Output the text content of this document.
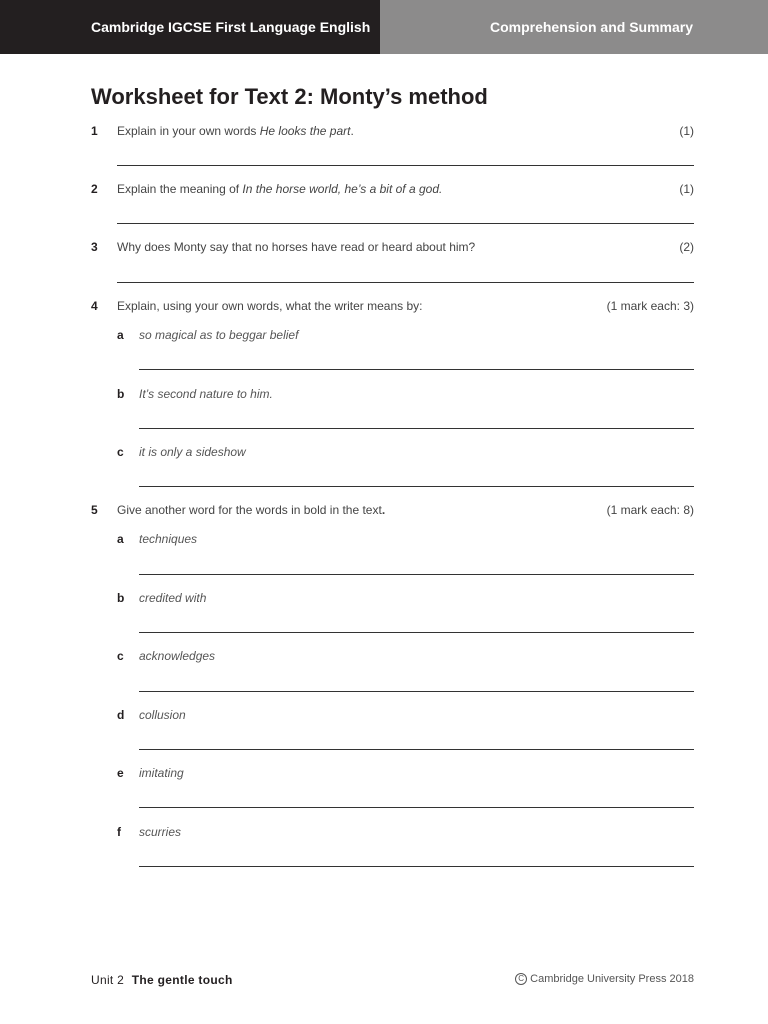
Cambridge IGCSE First Language English	Comprehension and Summary
Worksheet for Text 2: Monty’s method
1 Explain in your own words He looks the part.	(1)
2 Explain the meaning of In the horse world, he’s a bit of a god.	(1)
3 Why does Monty say that no horses have read or heard about him?	(2)
4 Explain, using your own words, what the writer means by:	(1 mark each: 3)
a so magical as to beggar belief
b It’s second nature to him.
c it is only a sideshow
5 Give another word for the words in bold in the text.	(1 mark each: 8)
a techniques
b credited with
c acknowledges
d collusion
e imitating
f scurries
Unit 2 The gentle touch	C Cambridge University Press 2018
